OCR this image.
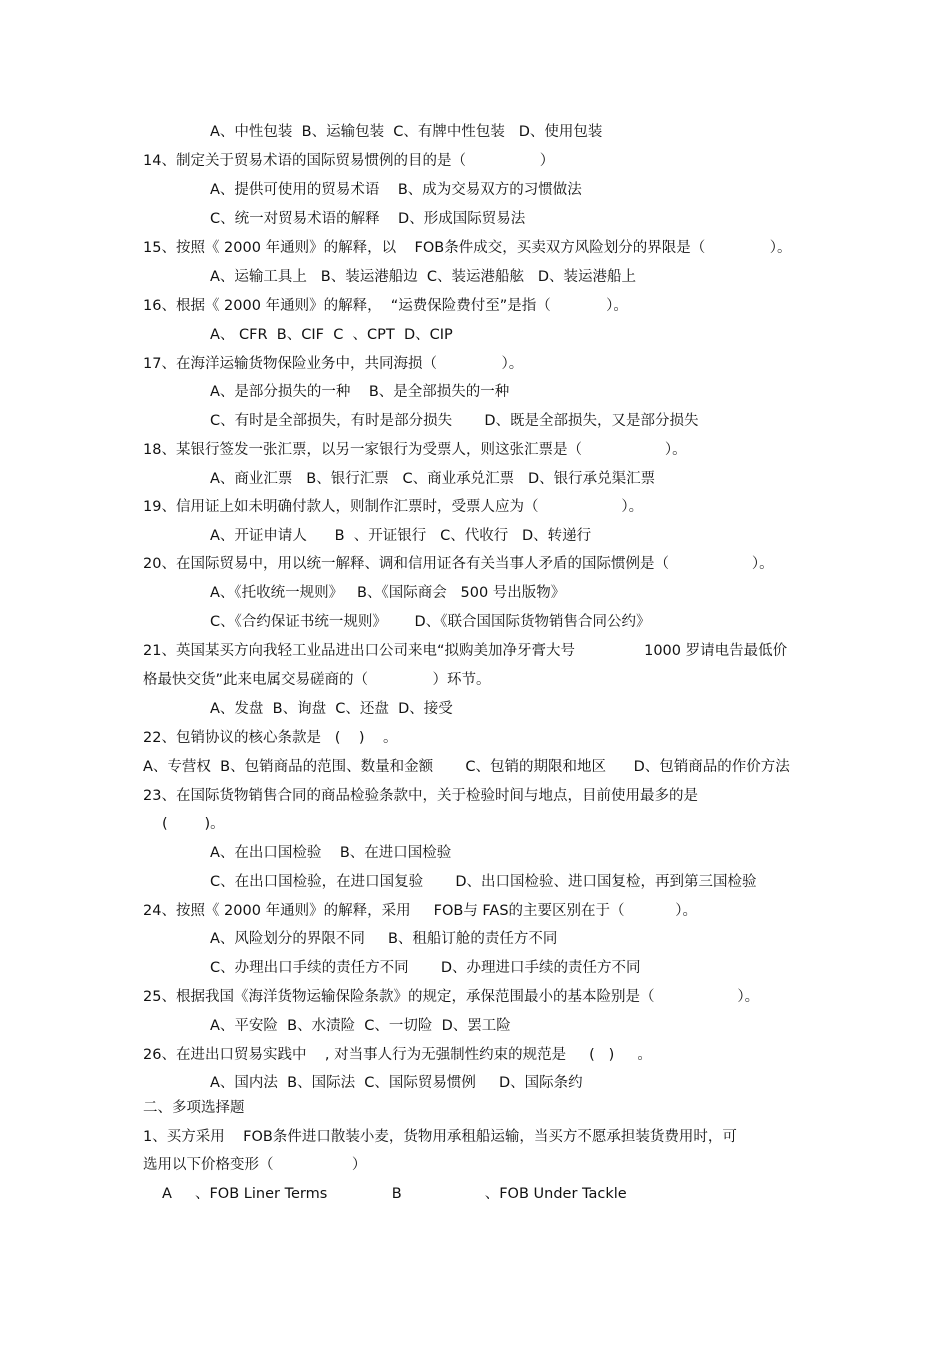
A、中性包装  B、运输包装  C、有牌中性包装   D、使用包装
14、制定关于贸易术语的国际贸易惯例的目的是（                ）
A、提供可使用的贸易术语    B、成为交易双方的习惯做法
C、统一对贸易术语的解释    D、形成国际贸易法
15、按照《 2000 年通则》的解释，以    FOB条件成交，买卖双方风险划分的界限是（              ）。
A、运输工具上   B、装运港船边  C、装运港船舷   D、装运港船上
16、根据《 2000 年通则》的解释，  “运费保险费付至”是指（            ）。
A、 CFR  B、CIF  C  、CPT  D、CIP
17、在海洋运输货物保险业务中，共同海损（              ）。
A、是部分损失的一种    B、是全部损失的一种
C、有时是全部损失，有时是部分损失       D、既是全部损失，又是部分损失
18、某银行签发一张汇票，以另一家银行为受票人，则这张汇票是（                  ）。
A、商业汇票   B、银行汇票   C、商业承兑汇票   D、银行承兑渠汇票
19、信用证上如未明确付款人，则制作汇票时，受票人应为（                  ）。
A、开证申请人      B  、开证银行   C、代收行   D、转递行
20、在国际贸易中，用以统一解释、调和信用证各有关当事人矛盾的国际惯例是（                  ）。
A、《托收统一规则》   B、《国际商会   500 号出版物》
C、《合约保证书统一规则》      D、《联合国国际货物销售合同公约》
21、英国某买方向我轻工业品进出口公司来电“拟购美加净牙膏大号               1000 罗请电告最低价
格最快交货”此来电属交易磋商的（              ）环节。
A、发盘  B、询盘  C、还盘  D、接受
22、包销协议的核心条款是   (    )    。
A、专营权  B、包销商品的范围、数量和金额       C、包销的期限和地区      D、包销商品的作价方法
23、在国际货物销售合同的商品检验条款中，关于检验时间与地点，目前使用最多的是
(        )。
A、在出口国检验    B、在进口国检验
C、在出口国检验，在进口国复验       D、出口国检验、进口国复检，再到第三国检验
24、按照《 2000 年通则》的解释，采用     FOB与 FAS的主要区别在于（           ）。
A、风险划分的界限不同     B、租船订舱的责任方不同
C、办理出口手续的责任方不同       D、办理进口手续的责任方不同
25、根据我国《海洋货物运输保险条款》的规定，承保范围最小的基本险别是（                  ）。
A、平安险  B、水渍险  C、一切险  D、罢工险
26、在进出口贸易实践中    , 对当事人行为无强制性约束的规范是     (   )     。
A、国内法  B、国际法  C、国际贸易惯例     D、国际条约
二、多项选择题
1、买方采用    FOB条件进口散装小麦，货物用承租船运输，当买方不愿承担装货费用时，可
选用以下价格变形（                 ）
A     、FOB Liner Terms              B                  、FOB Under Tackle
